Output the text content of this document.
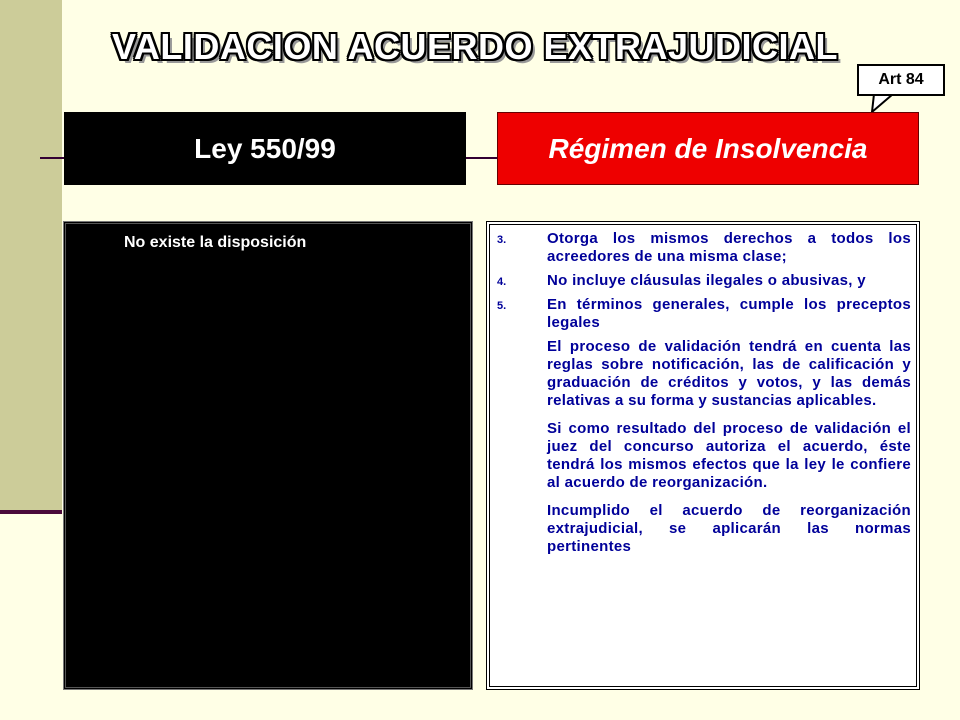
VALIDACION ACUERDO EXTRAJUDICIAL
Art 84
Ley 550/99	Régimen de Insolvencia

No existe la disposición	3.	Otorga los mismos derechos a todos los acreedores de una misma clase;
4.	No incluye cláusulas ilegales o abusivas, y
5.	En términos generales, cumple los preceptos legales

El proceso de validación tendrá en cuenta las reglas sobre notificación, las de calificación y graduación de créditos y votos, y las demás relativas a su forma y sustancias aplicables.

Si como resultado del proceso de validación el juez del concurso autoriza el acuerdo, éste tendrá los mismos efectos que la ley le confiere al acuerdo de reorganización.

Incumplido el acuerdo de reorganización extrajudicial, se aplicarán las normas pertinentes
